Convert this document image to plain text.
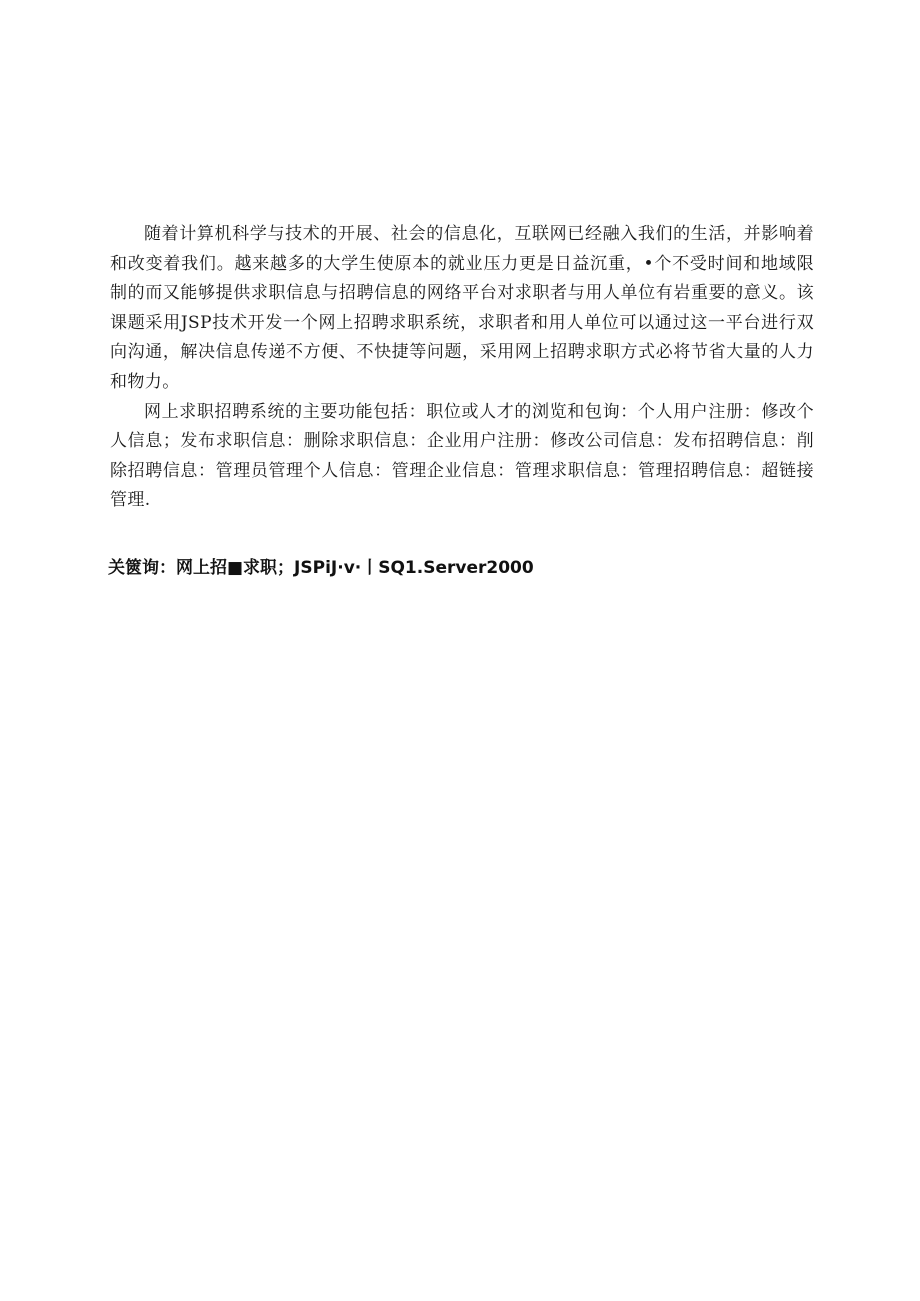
随着计算机科学与技术的开展、社会的信息化，互联网已经融入我们的生活，并影响着和改变着我们。越来越多的大学生使原本的就业压力更是日益沉重，•个不受时间和地域限制的而又能够提供求职信息与招聘信息的网络平台对求职者与用人单位有岩重要的意义。该课题采用JSP技术开发一个网上招聘求职系统，求职者和用人单位可以通过这一平台进行双向沟通，解决信息传递不方便、不快捷等问题，采用网上招聘求职方式必将节省大量的人力和物力。

网上求职招聘系统的主要功能包括：职位或人才的浏览和包询：个人用户注册：修改个人信息；发布求职信息：删除求职信息：企业用户注册：修改公司信息：发布招聘信息：削除招聘信息：管理员管理个人信息：管理企业信息：管理求职信息：管理招聘信息：超链接管理.

关篋询：网上招■求职；JSPiJ·v·丨SQ1.Server2000
